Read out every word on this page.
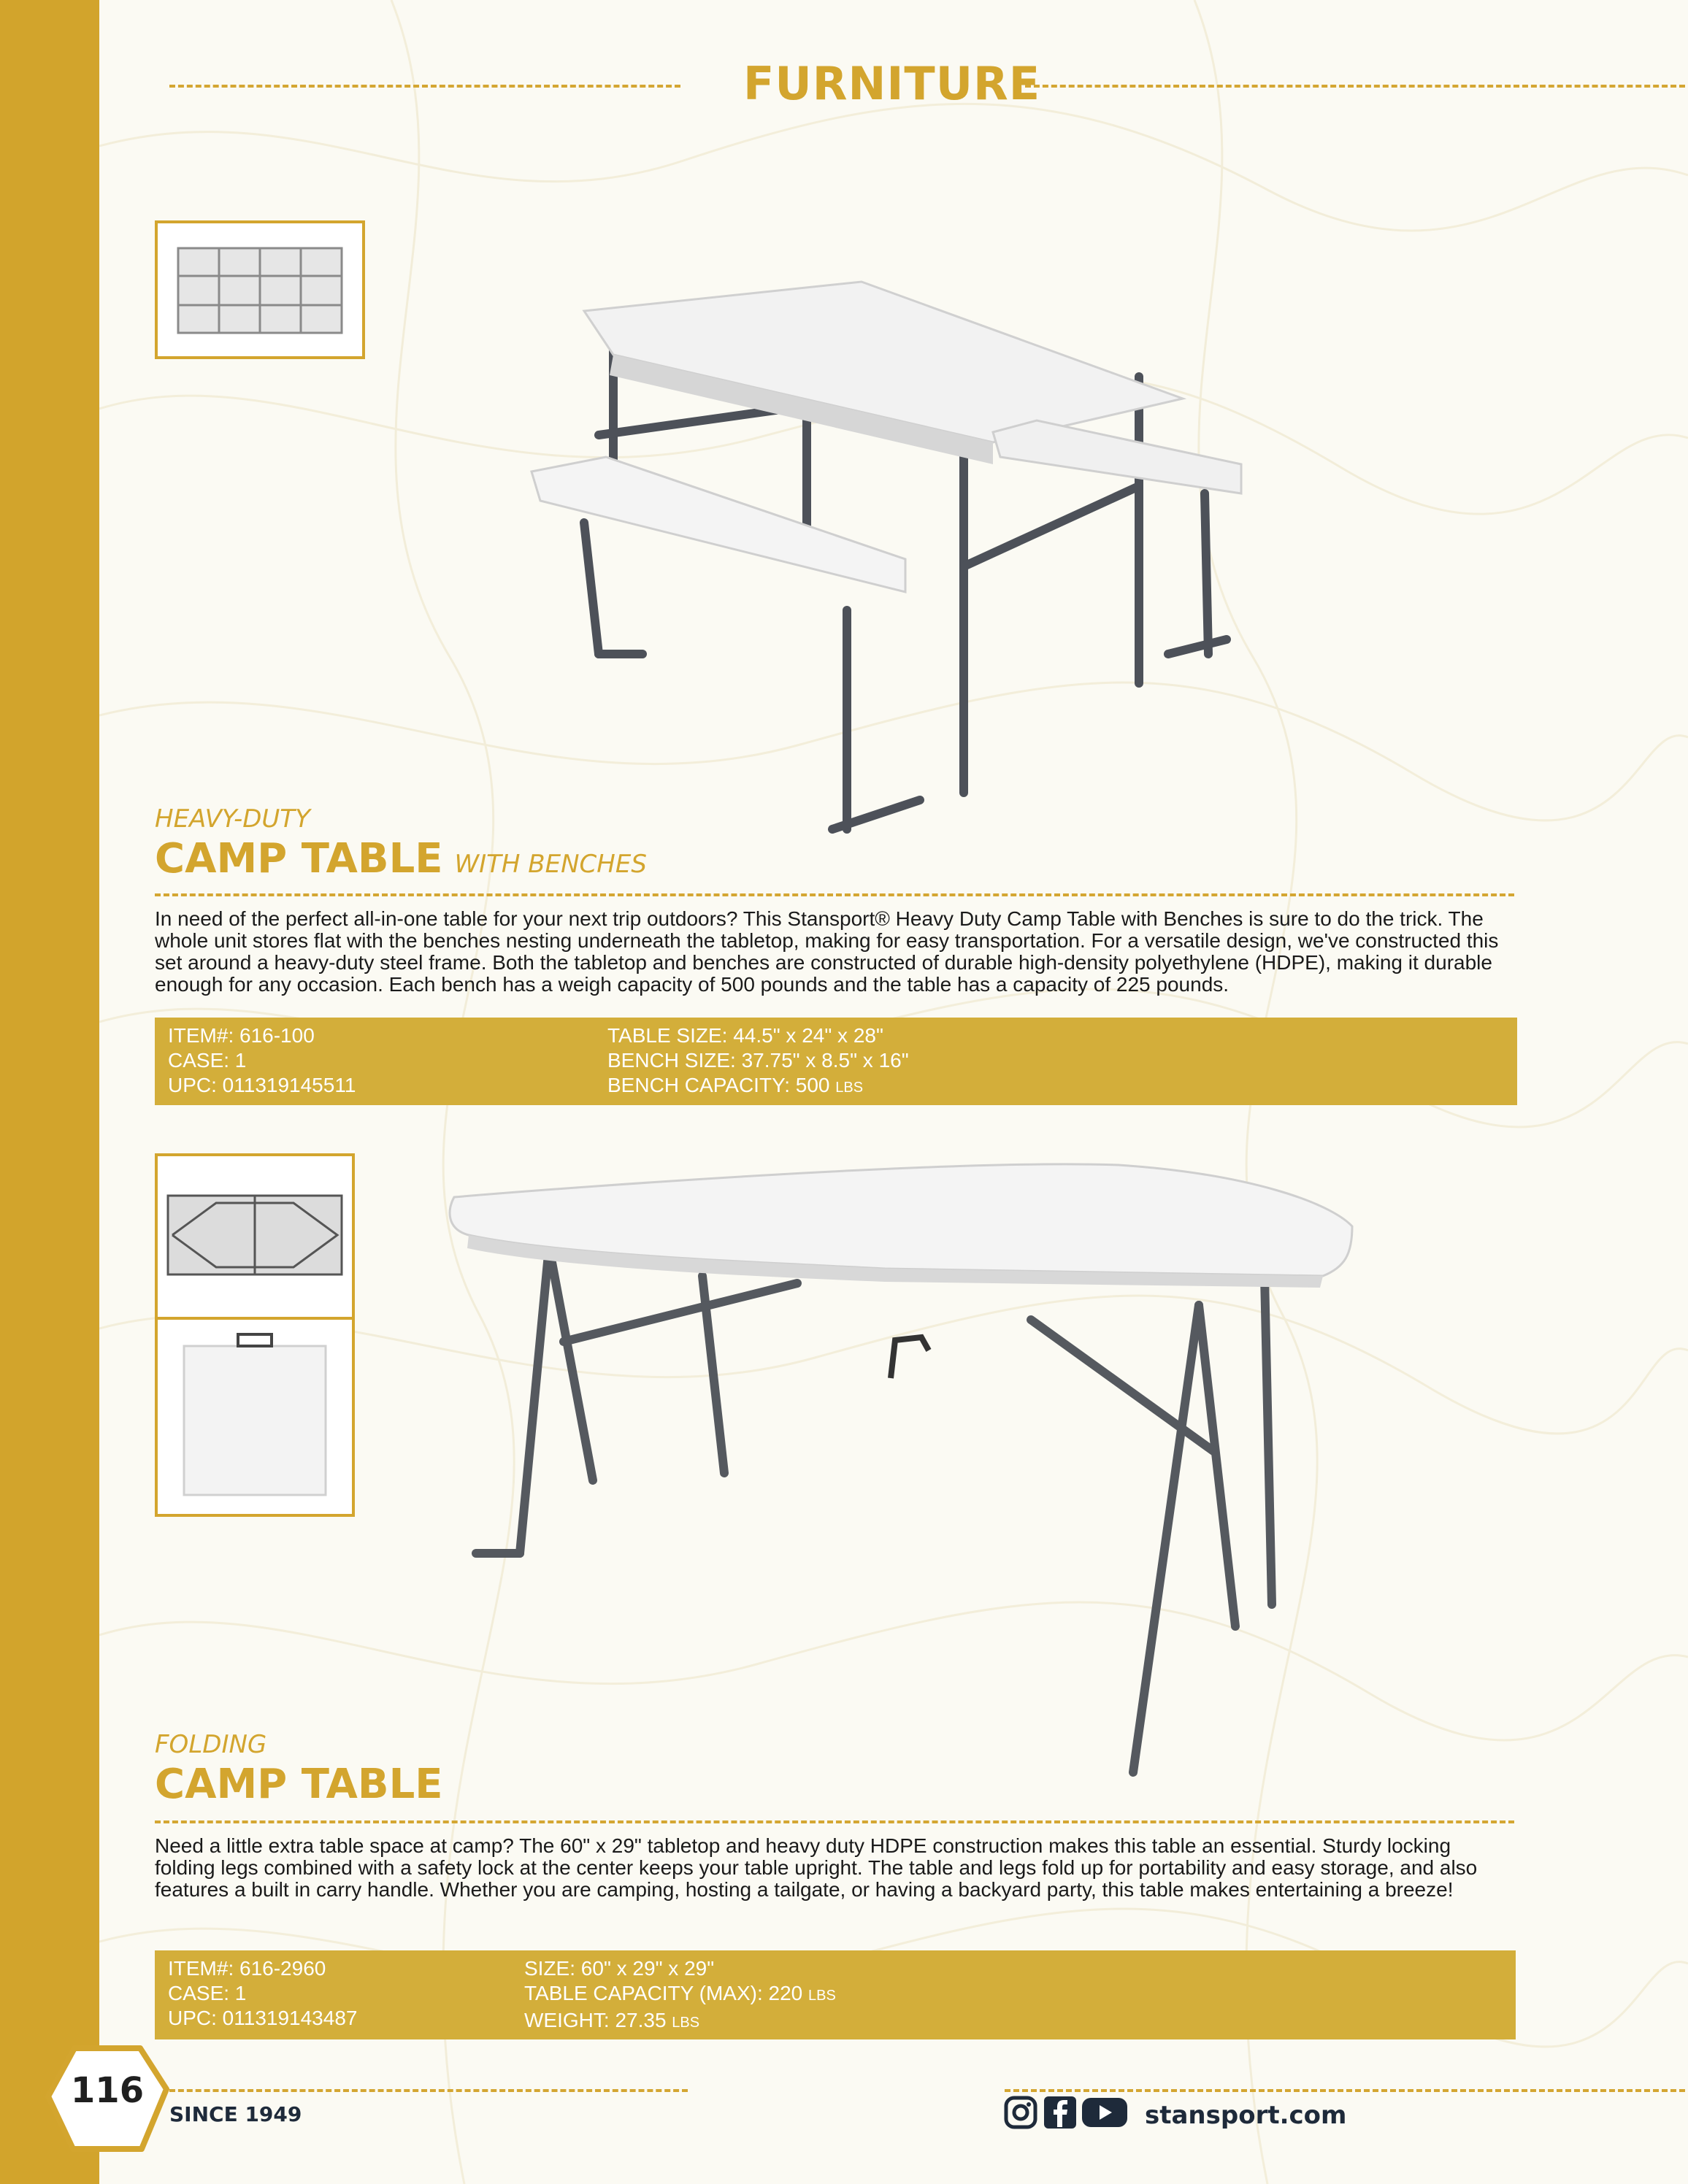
FURNITURE
HEAVY-DUTY
CAMP TABLE WITH BENCHES
In need of the perfect all-in-one table for your next trip outdoors? This Stansport® Heavy Duty Camp Table with Benches is sure to do the trick. The whole unit stores flat with the benches nesting underneath the tabletop, making for easy transportation. For a versatile design, we've constructed this set around a heavy-duty steel frame. Both the tabletop and benches are constructed of durable high-density polyethylene (HDPE), making it durable enough for any occasion. Each bench has a weigh capacity of 500 pounds and the table has a capacity of 225 pounds.
ITEM#: 616-100
CASE: 1
UPC: 011319145511
TABLE SIZE: 44.5" x 24" x 28"
BENCH SIZE: 37.75" x 8.5" x 16"
BENCH CAPACITY: 500 LBS
FOLDING
CAMP TABLE
Need a little extra table space at camp? The 60" x 29" tabletop and heavy duty HDPE construction makes this table an essential. Sturdy locking folding legs combined with a safety lock at the center keeps your table upright. The table and legs fold up for portability and easy storage, and also features a built in carry handle. Whether you are camping, hosting a tailgate, or having a backyard party, this table makes entertaining a breeze!
ITEM#: 616-2960
CASE: 1
UPC: 011319143487
SIZE: 60" x 29" x 29"
TABLE CAPACITY (MAX): 220 LBS
WEIGHT: 27.35 LBS
116
SINCE 1949	stansport.com
